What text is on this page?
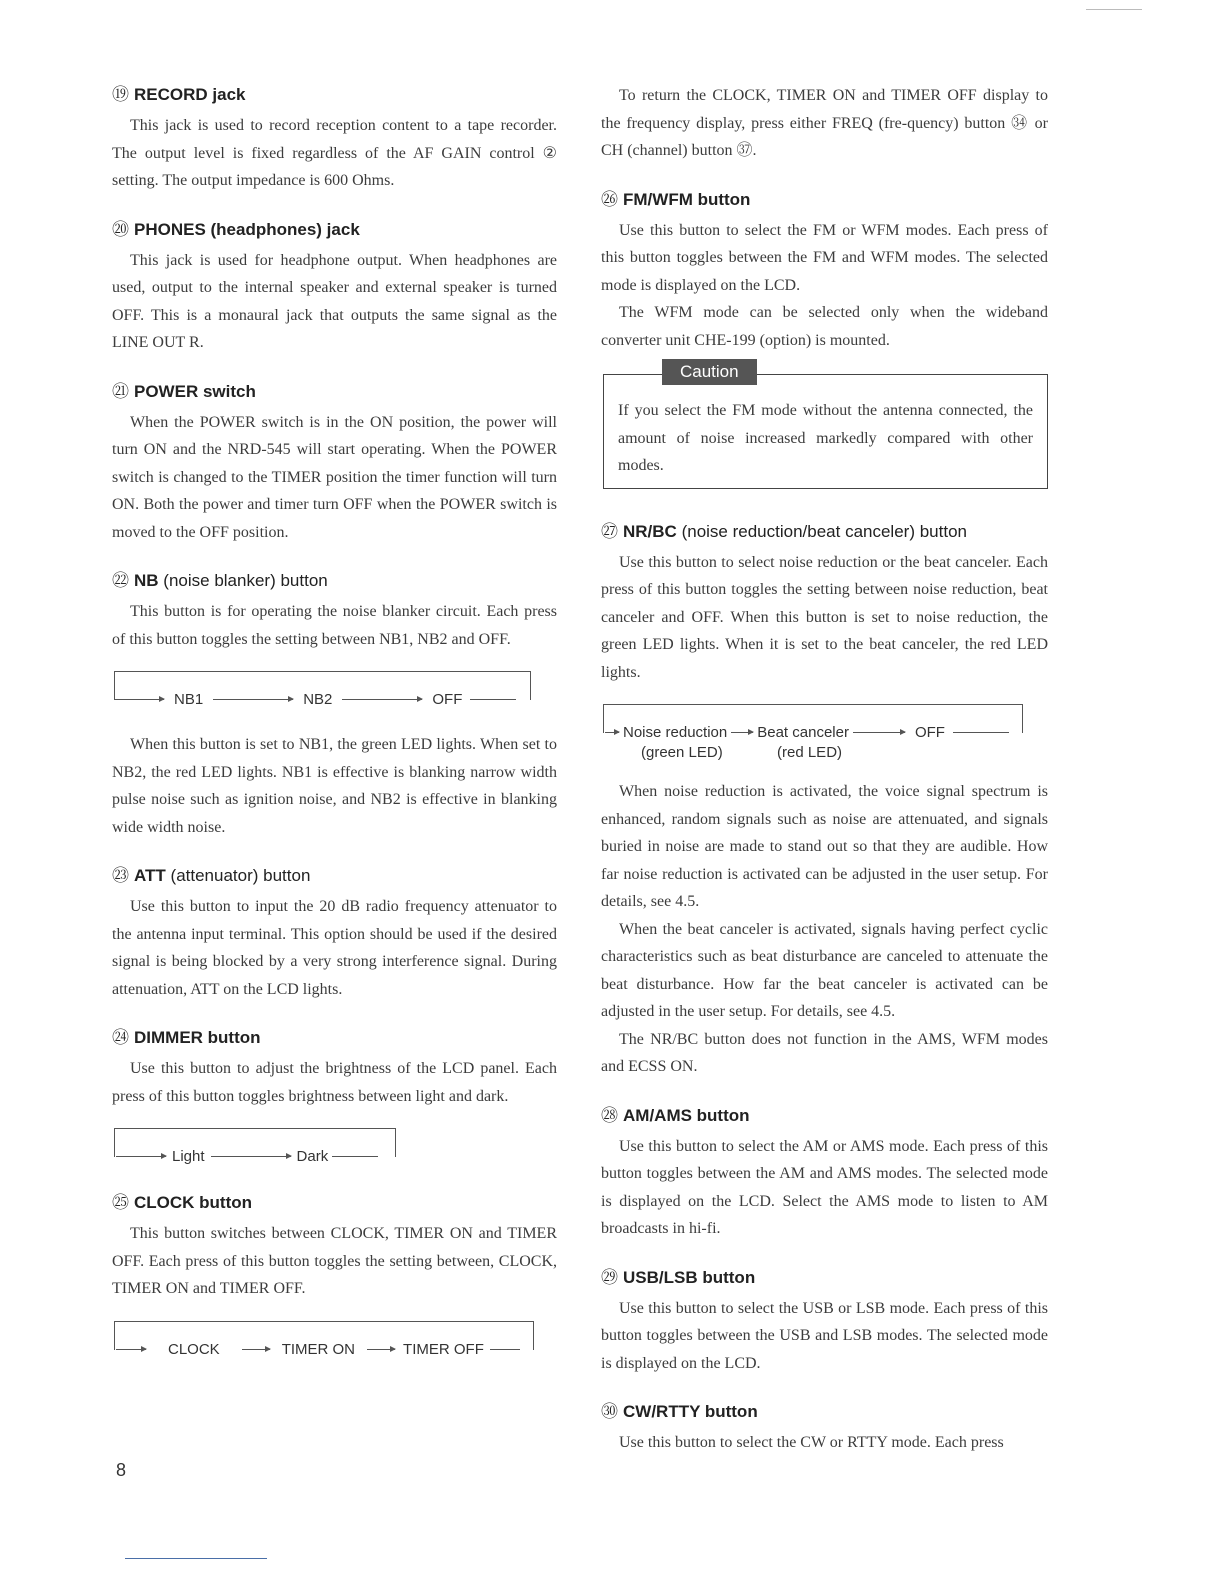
⑲ RECORD jack

This jack is used to record reception content to a tape recorder. The output level is fixed regardless of the AF GAIN control ② setting. The output impedance is 600 Ohms.

⑳ PHONES (headphones) jack

This jack is used for headphone output. When headphones are used, output to the internal speaker and external speaker is turned OFF. This is a monaural jack that outputs the same signal as the LINE OUT R.

㉑ POWER switch

When the POWER switch is in the ON position, the power will turn ON and the NRD-545 will start operating. When the POWER switch is changed to the TIMER position the timer function will turn ON. Both the power and timer turn OFF when the POWER switch is moved to the OFF position.

㉒ NB (noise blanker) button

This button is for operating the noise blanker circuit. Each press of this button toggles the setting between NB1, NB2 and OFF.

NB1	NB2	OFF

When this button is set to NB1, the green LED lights. When set to NB2, the red LED lights. NB1 is effective is blanking narrow width pulse noise such as ignition noise, and NB2 is effective in blanking wide width noise.

㉓ ATT (attenuator) button

Use this button to input the 20 dB radio frequency attenuator to the antenna input terminal. This option should be used if the desired signal is being blocked by a very strong interference signal. During attenuation, ATT on the LCD lights.

㉔ DIMMER button

Use this button to adjust the brightness of the LCD panel. Each press of this button toggles brightness between light and dark.

Light	Dark
㉕ CLOCK button

This button switches between CLOCK, TIMER ON and TIMER OFF. Each press of this button toggles the setting between, CLOCK, TIMER ON and TIMER OFF.

CLOCK	TIMER ON	TIMER OFF

To return the CLOCK, TIMER ON and TIMER OFF display to the frequency display, press either FREQ (fre-quency) button ㉞ or CH (channel) button ㊲.

㉖ FM/WFM button

Use this button to select the FM or WFM modes. Each press of this button toggles between the FM and WFM modes. The selected mode is displayed on the LCD.

The WFM mode can be selected only when the wideband converter unit CHE-199 (option) is mounted.

Caution

If you select the FM mode without the antenna connected, the amount of noise increased markedly compared with other modes.

㉗ NR/BC (noise reduction/beat canceler) button

Use this button to select noise reduction or the beat canceler. Each press of this button toggles the setting between noise reduction, beat canceler and OFF. When this button is set to noise reduction, the green LED lights. When it is set to the beat canceler, the red LED lights.

Noise reduction Beat canceler	OFF
(green LED)	(red LED)

When noise reduction is activated, the voice signal spectrum is enhanced, random signals such as noise are attenuated, and signals buried in noise are made to stand out so that they are audible. How far noise reduction is activated can be adjusted in the user setup. For details, see 4.5.

When the beat canceler is activated, signals having perfect cyclic characteristics such as beat disturbance are canceled to attenuate the beat disturbance. How far the beat canceler is activated can be adjusted in the user setup. For details, see 4.5.

The NR/BC button does not function in the AMS, WFM modes and ECSS ON.

㉘ AM/AMS button

Use this button to select the AM or AMS mode. Each press of this button toggles between the AM and AMS modes. The selected mode is displayed on the LCD. Select the AMS mode to listen to AM broadcasts in hi-fi.

㉙ USB/LSB button

Use this button to select the USB or LSB mode. Each press of this button toggles between the USB and LSB modes. The selected mode is displayed on the LCD.

㉚ CW/RTTY button

Use this button to select the CW or RTTY mode. Each press

8
